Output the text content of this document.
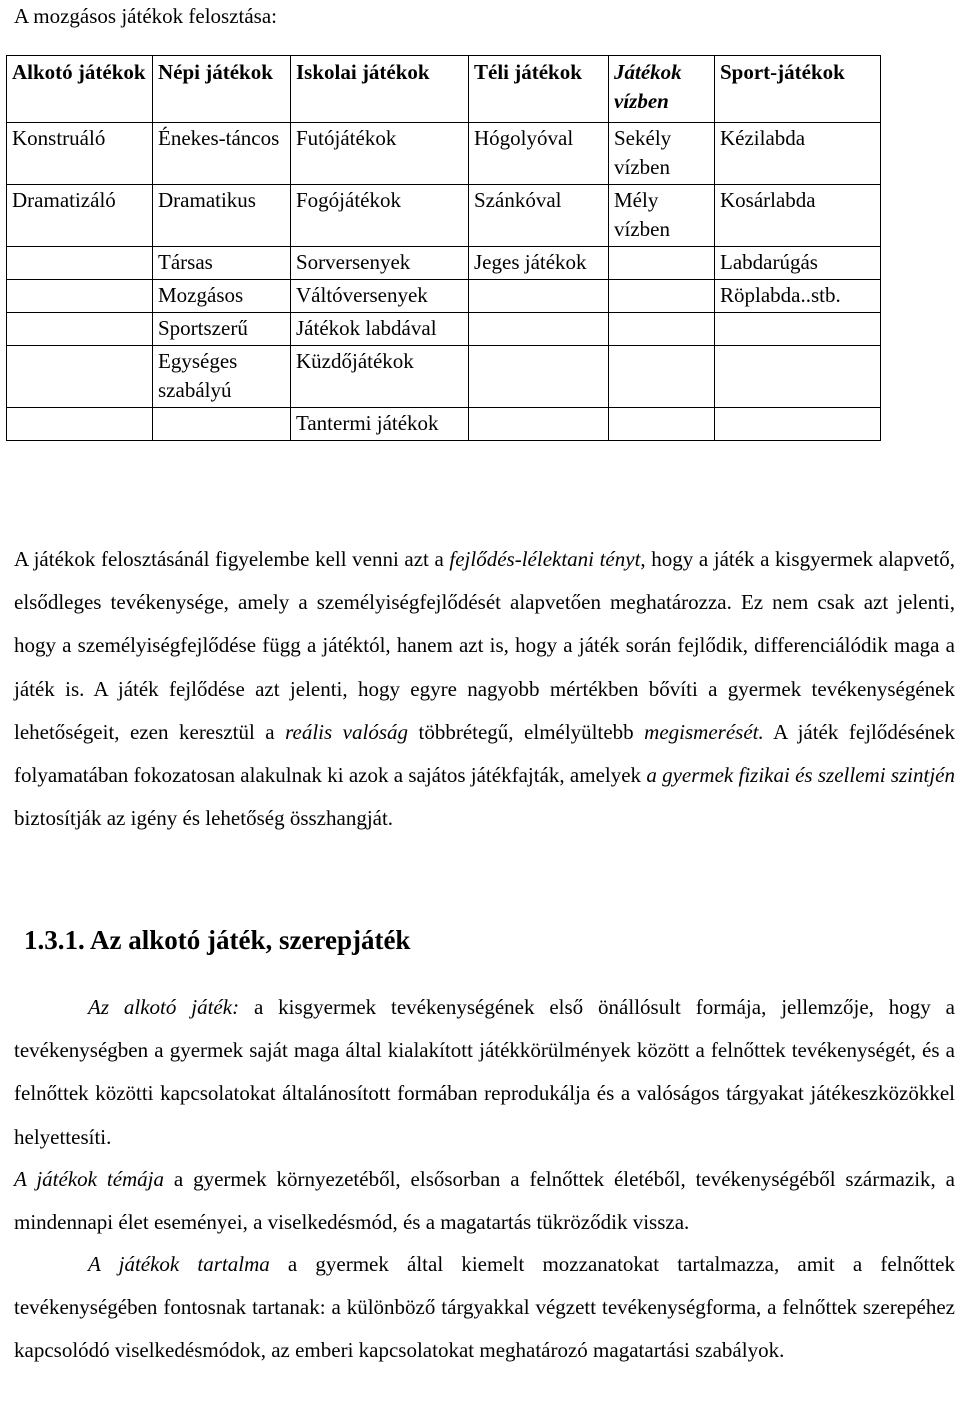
A mozgásos játékok felosztása:
Alkotó játékok	Népi játékok	Iskolai játékok	Téli játékok	Játékok vízben	Sport-játékok
Konstruáló	Énekes-táncos	Futójátékok	Hógolyóval	Sekély vízben	Kézilabda
Dramatizáló	Dramatikus	Fogójátékok	Szánkóval	Mély vízben	Kosárlabda
	Társas	Sorversenyek	Jeges játékok		Labdarúgás
	Mozgásos	Váltóversenyek			Röplabda..stb.
	Sportszerű	Játékok labdával			
	Egységes szabályú	Küzdőjátékok			
		Tantermi játékok			

A játékok felosztásánál figyelembe kell venni azt a fejlődés-lélektani tényt, hogy a játék a kisgyermek alapvető, elsődleges tevékenysége, amely a személyiségfejlődését alapvetően meghatározza. Ez nem csak azt jelenti, hogy a személyiségfejlődése függ a játéktól, hanem azt is, hogy a játék során fejlődik, differenciálódik maga a játék is. A játék fejlődése azt jelenti, hogy egyre nagyobb mértékben bővíti a gyermek tevékenységének lehetőségeit, ezen keresztül a reális valóság többrétegű, elmélyültebb megismerését. A játék fejlődésének folyamatában fokozatosan alakulnak ki azok a sajátos játékfajták, amelyek a gyermek fizikai és szellemi szintjén biztosítják az igény és lehetőség összhangját.

1.3.1. Az alkotó játék, szerepjáték

Az alkotó játék: a kisgyermek tevékenységének első önállósult formája, jellemzője, hogy a tevékenységben a gyermek saját maga által kialakított játékkörülmények között a felnőttek tevékenységét, és a felnőttek közötti kapcsolatokat általánosított formában reprodukálja és a valóságos tárgyakat játékeszközökkel helyettesíti.

A játékok témája a gyermek környezetéből, elsősorban a felnőttek életéből, tevékenységéből származik, a mindennapi élet eseményei, a viselkedésmód, és a magatartás tükröződik vissza.

A játékok tartalma a gyermek által kiemelt mozzanatokat tartalmazza, amit a felnőttek tevékenységében fontosnak tartanak: a különböző tárgyakkal végzett tevékenységforma, a felnőttek szerepéhez kapcsolódó viselkedésmódok, az emberi kapcsolatokat meghatározó magatartási szabályok.
